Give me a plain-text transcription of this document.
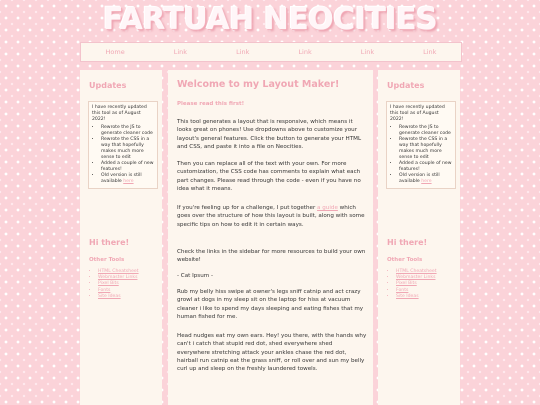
FARTUAH NEOCITIES
Home	Link	Link	Link	Link	Link
Updates

I have recently updated this tool as of August 2022!

• Rewrote the JS to generate cleaner code
• Rewrote the CSS in a way that hopefully makes much more sense to edit
• Added a couple of new features!
• Old version is still available here
Hi there!
Other Tools
• HTML Cheatsheet
• Webmaster Links
• Pixel Bits
• Fonts
• Site Ideas
Welcome to my Layout Maker!
Please read this first!

This tool generates a layout that is responsive, which means it looks great on phones! Use dropdowns above to customize your layout's general features. Click the button to generate your HTML and CSS, and paste it into a file on Neocities.

Then you can replace all of the text with your own. For more customization, the CSS code has comments to explain what each part changes. Please read through the code - even if you have no idea what it means.

If you're feeling up for a challenge, I put together a guide which goes over the structure of how this layout is built, along with some specific tips on how to edit it in certain ways.

Check the links in the sidebar for more resources to build your own website!

- Cat Ipsum -

Rub my belly hiss swipe at owner's legs sniff catnip and act crazy growl at dogs in my sleep sit on the laptop for hiss at vacuum cleaner i like to spend my days sleeping and eating fishes that my human fished for me.

Head nudges eat my own ears. Hey! you there, with the hands why can't i catch that stupid red dot, shed everywhere shed everywhere stretching attack your ankles chase the red dot, hairball run catnip eat the grass sniff, or roll over and sun my belly curl up and sleep on the freshly laundered towels.

Updates

I have recently updated this tool as of August 2022!

• Rewrote the JS to generate cleaner code
• Rewrote the CSS in a way that hopefully makes much more sense to edit
• Added a couple of new features!
• Old version is still available here
Hi there!
Other Tools
• HTML Cheatsheet
• Webmaster Links
• Pixel Bits
• Fonts
• Site Ideas
